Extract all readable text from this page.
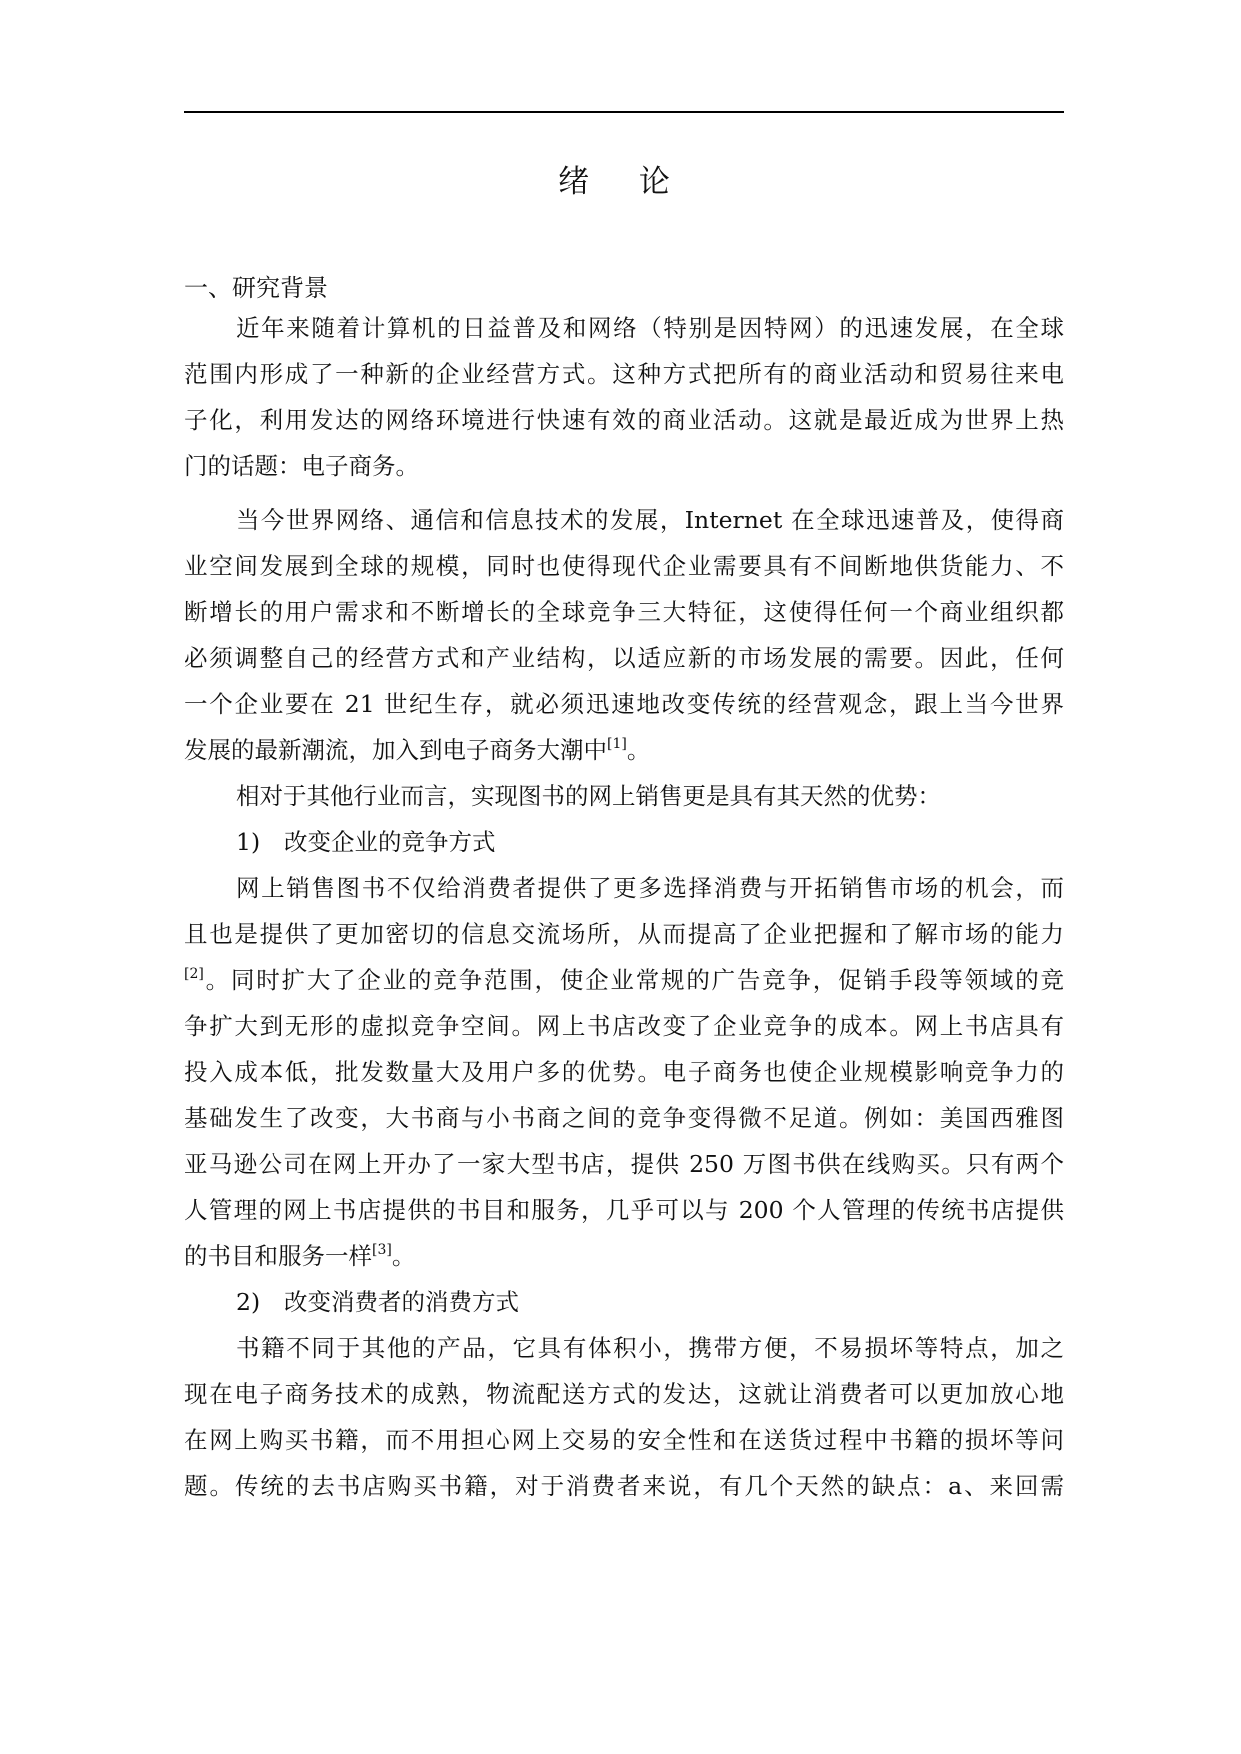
绪 论
一、研究背景
近年来随着计算机的日益普及和网络（特别是因特网）的迅速发展，在全球
范围内形成了一种新的企业经营方式。这种方式把所有的商业活动和贸易往来电
子化，利用发达的网络环境进行快速有效的商业活动。这就是最近成为世界上热
门的话题：电子商务。
当今世界网络、通信和信息技术的发展，Internet 在全球迅速普及，使得商
业空间发展到全球的规模，同时也使得现代企业需要具有不间断地供货能力、不
断增长的用户需求和不断增长的全球竞争三大特征，这使得任何一个商业组织都
必须调整自己的经营方式和产业结构，以适应新的市场发展的需要。因此，任何
一个企业要在 21 世纪生存，就必须迅速地改变传统的经营观念，跟上当今世界
发展的最新潮流，加入到电子商务大潮中[1]。
相对于其他行业而言，实现图书的网上销售更是具有其天然的优势：
1) 改变企业的竞争方式
网上销售图书不仅给消费者提供了更多选择消费与开拓销售市场的机会，而
且也是提供了更加密切的信息交流场所，从而提高了企业把握和了解市场的能力
[2]。同时扩大了企业的竞争范围，使企业常规的广告竞争，促销手段等领域的竞
争扩大到无形的虚拟竞争空间。网上书店改变了企业竞争的成本。网上书店具有
投入成本低，批发数量大及用户多的优势。电子商务也使企业规模影响竞争力的
基础发生了改变，大书商与小书商之间的竞争变得微不足道。例如：美国西雅图
亚马逊公司在网上开办了一家大型书店，提供 250 万图书供在线购买。只有两个
人管理的网上书店提供的书目和服务，几乎可以与 200 个人管理的传统书店提供
的书目和服务一样[3]。
2) 改变消费者的消费方式
书籍不同于其他的产品，它具有体积小，携带方便，不易损坏等特点，加之
现在电子商务技术的成熟，物流配送方式的发达，这就让消费者可以更加放心地
在网上购买书籍，而不用担心网上交易的安全性和在送货过程中书籍的损坏等问
题。传统的去书店购买书籍，对于消费者来说，有几个天然的缺点：a、来回需
